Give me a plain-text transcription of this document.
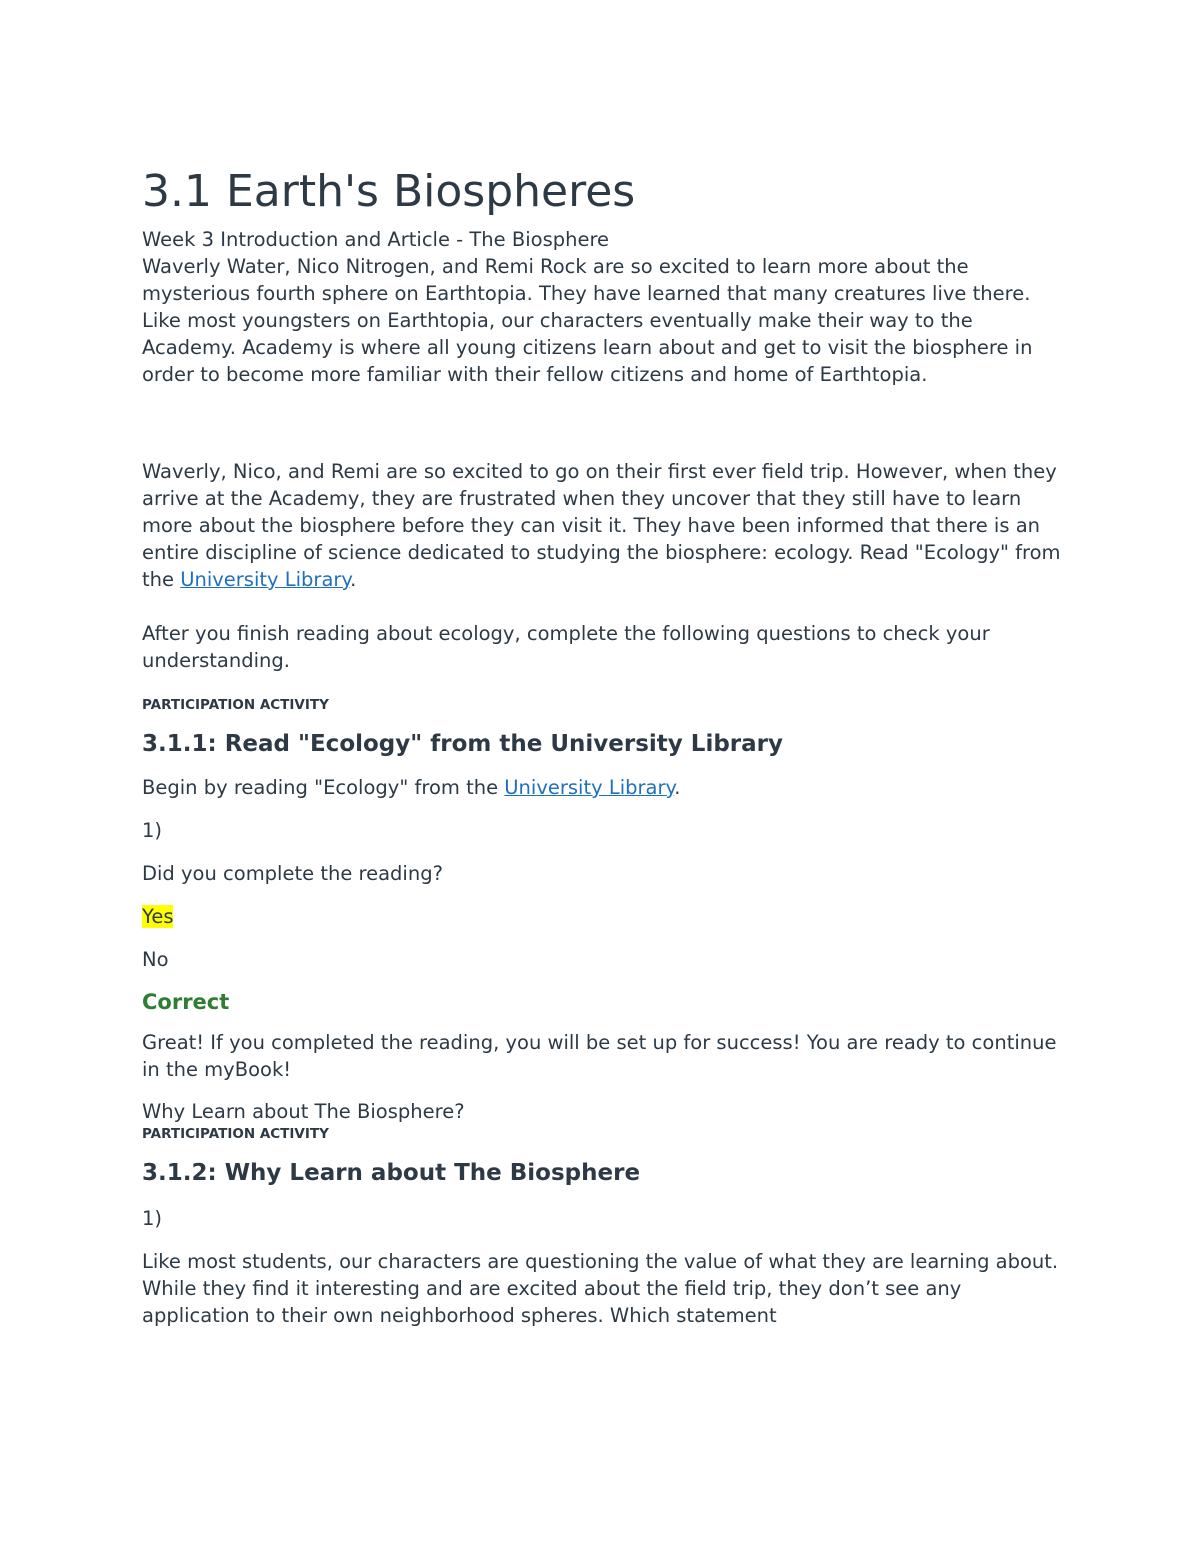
3.1 Earth's Biospheres

Week 3 Introduction and Article - The Biosphere

Waverly Water, Nico Nitrogen, and Remi Rock are so excited to learn more about the mysterious fourth sphere on Earthtopia. They have learned that many creatures live there. Like most youngsters on Earthtopia, our characters eventually make their way to the Academy. Academy is where all young citizens learn about and get to visit the biosphere in order to become more familiar with their fellow citizens and home of Earthtopia.

Waverly, Nico, and Remi are so excited to go on their first ever field trip. However, when they arrive at the Academy, they are frustrated when they uncover that they still have to learn more about the biosphere before they can visit it. They have been informed that there is an entire discipline of science dedicated to studying the biosphere: ecology. Read "Ecology" from the University Library.

After you finish reading about ecology, complete the following questions to check your understanding.

PARTICIPATION ACTIVITY

3.1.1: Read "Ecology" from the University Library

Begin by reading "Ecology" from the University Library.

1)

Did you complete the reading?

Yes

No

Correct

Great! If you completed the reading, you will be set up for success! You are ready to continue in the myBook!

Why Learn about The Biosphere?

PARTICIPATION ACTIVITY

3.1.2: Why Learn about The Biosphere

1)

Like most students, our characters are questioning the value of what they are learning about. While they find it interesting and are excited about the field trip, they don’t see any application to their own neighborhood spheres. Which statement
